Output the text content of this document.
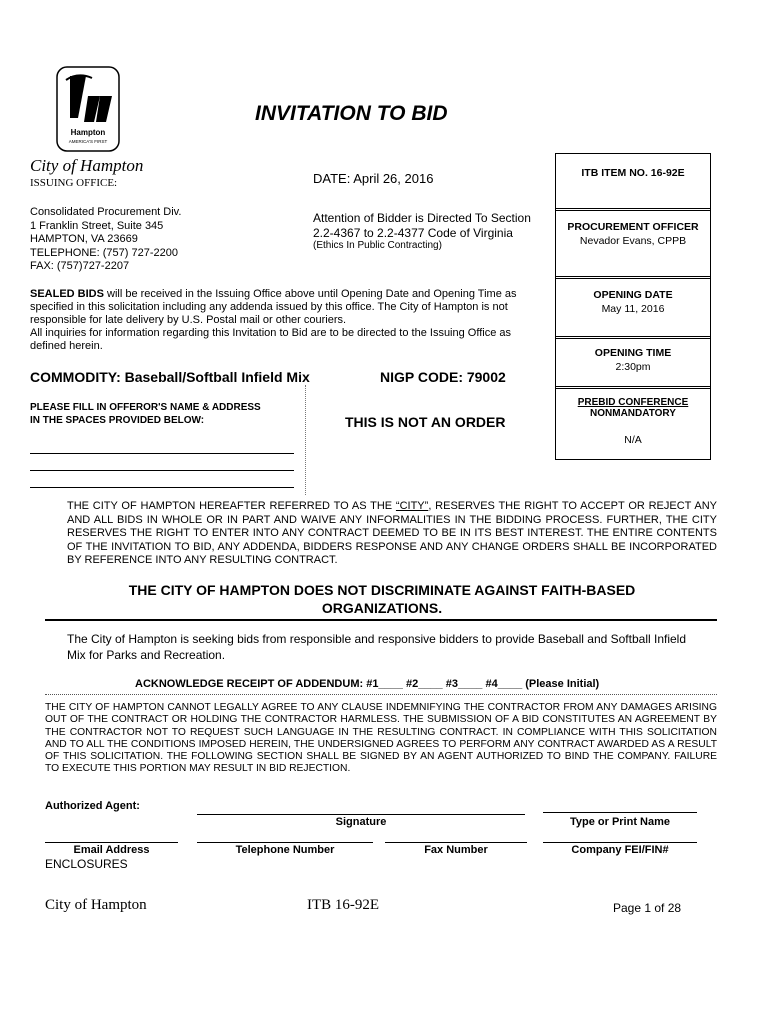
Hampton
AMERICA'S FIRST
INVITATION TO BID
City of Hampton
ISSUING OFFICE:	DATE: April 26, 2016
Consolidated Procurement Div.
1 Franklin Street, Suite 345
HAMPTON, VA 23669
TELEPHONE: (757) 727-2200
FAX: (757)727-2207
Attention of Bidder is Directed To Section
2.2-4367 to 2.2-4377 Code of Virginia
(Ethics In Public Contracting)
SEALED BIDS will be received in the Issuing Office above until Opening Date and Opening Time as specified in this solicitation including any addenda issued by this office. The City of Hampton is not responsible for late delivery by U.S. Postal mail or other couriers.
All inquiries for information regarding this Invitation to Bid are to be directed to the Issuing Office as defined herein.
COMMODITY: Baseball/Softball Infield Mix	NIGP CODE: 79002
PLEASE FILL IN OFFEROR'S NAME & ADDRESS
IN THE SPACES PROVIDED BELOW:	THIS IS NOT AN ORDER
ITB ITEM NO. 16-92E
PROCUREMENT OFFICER
Nevador Evans, CPPB
OPENING DATE
May 11, 2016
OPENING TIME
2:30pm
PREBID CONFERENCE
NONMANDATORY
N/A
THE CITY OF HAMPTON HEREAFTER REFERRED TO AS THE “CITY”, RESERVES THE RIGHT TO ACCEPT OR REJECT ANY AND ALL BIDS IN WHOLE OR IN PART AND WAIVE ANY INFORMALITIES IN THE BIDDING PROCESS. FURTHER, THE CITY RESERVES THE RIGHT TO ENTER INTO ANY CONTRACT DEEMED TO BE IN ITS BEST INTEREST. THE ENTIRE CONTENTS OF THE INVITATION TO BID, ANY ADDENDA, BIDDERS RESPONSE AND ANY CHANGE ORDERS SHALL BE INCORPORATED BY REFERENCE INTO ANY RESULTING CONTRACT.
THE CITY OF HAMPTON DOES NOT DISCRIMINATE AGAINST FAITH-BASED
ORGANIZATIONS.
The City of Hampton is seeking bids from responsible and responsive bidders to provide Baseball and Softball Infield Mix for Parks and Recreation.
ACKNOWLEDGE RECEIPT OF ADDENDUM: #1____ #2____ #3____ #4____ (Please Initial)
THE CITY OF HAMPTON CANNOT LEGALLY AGREE TO ANY CLAUSE INDEMNIFYING THE CONTRACTOR FROM ANY DAMAGES ARISING OUT OF THE CONTRACT OR HOLDING THE CONTRACTOR HARMLESS. THE SUBMISSION OF A BID CONSTITUTES AN AGREEMENT BY THE CONTRACTOR NOT TO REQUEST SUCH LANGUAGE IN THE RESULTING CONTRACT. IN COMPLIANCE WITH THIS SOLICITATION AND TO ALL THE CONDITIONS IMPOSED HEREIN, THE UNDERSIGNED AGREES TO PERFORM ANY CONTRACT AWARDED AS A RESULT OF THIS SOLICITATION. THE FOLLOWING SECTION SHALL BE SIGNED BY AN AGENT AUTHORIZED TO BIND THE COMPANY. FAILURE TO EXECUTE THIS PORTION MAY RESULT IN BID REJECTION.
Authorized Agent:
Signature	Type or Print Name
Email Address	Telephone Number	Fax Number	Company FEI/FIN#
ENCLOSURES
City of Hampton	ITB 16-92E	Page 1 of 28
